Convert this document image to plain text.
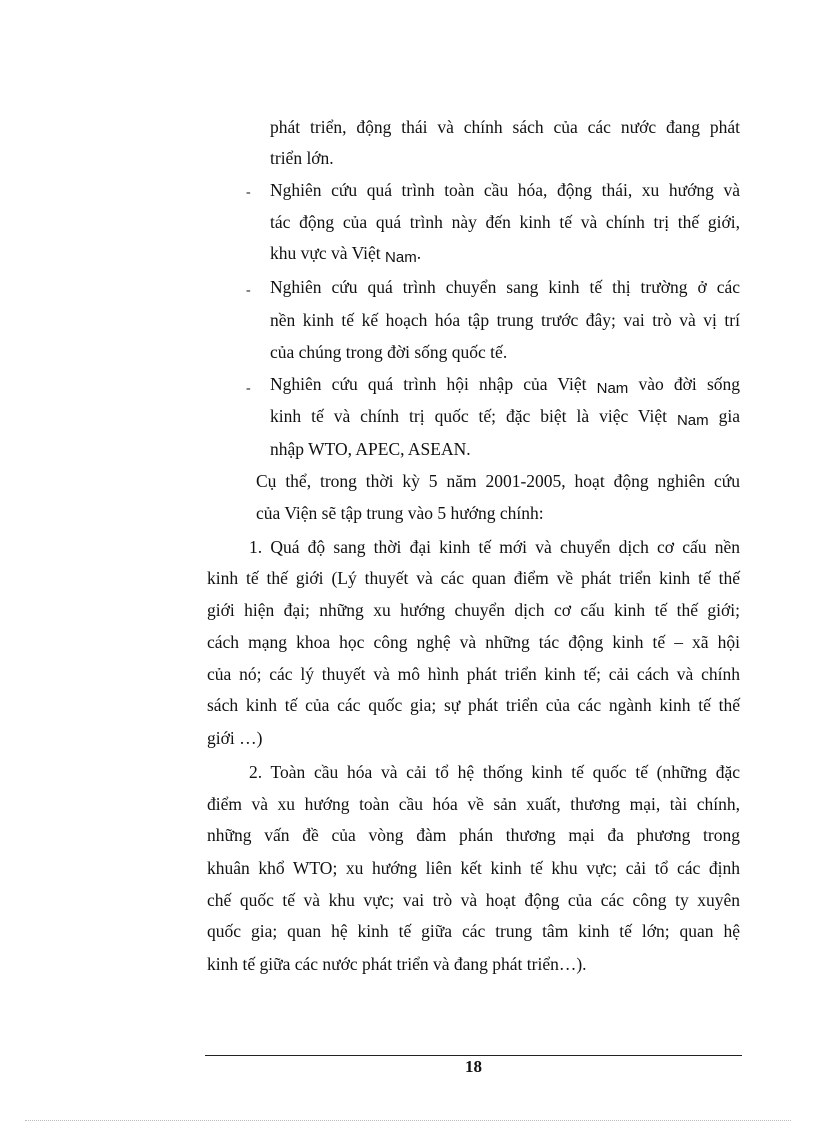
phát triển, động thái và chính sách của các nước đang phát
triển lớn.
- Nghiên cứu quá trình toàn cầu hóa, động thái, xu hướng và
tác động của quá trình này đến kinh tế và chính trị thế giới,
khu vực và Việt Nam.
- Nghiên cứu quá trình chuyển sang kinh tế thị trường ở các
nền kinh tế kế hoạch hóa tập trung trước đây; vai trò và vị trí
của chúng trong đời sống quốc tế.
- Nghiên cứu quá trình hội nhập của Việt Nam vào đời sống
kinh tế và chính trị quốc tế; đặc biệt là việc Việt Nam gia
nhập WTO, APEC, ASEAN.
Cụ thể, trong thời kỳ 5 năm 2001-2005, hoạt động nghiên cứu
của Viện sẽ tập trung vào 5 hướng chính:
1. Quá độ sang thời đại kinh tế mới và chuyển dịch cơ cấu nền
kinh tế thế giới (Lý thuyết và các quan điểm về phát triển kinh tế thế
giới hiện đại; những xu hướng chuyển dịch cơ cấu kinh tế thế giới;
cách mạng khoa học công nghệ và những tác động kinh tế – xã hội
của nó; các lý thuyết và mô hình phát triển kinh tế; cải cách và chính
sách kinh tế của các quốc gia; sự phát triển của các ngành kinh tế thế
giới …)
2. Toàn cầu hóa và cải tổ hệ thống kinh tế quốc tế (những đặc
điểm và xu hướng toàn cầu hóa về sản xuất, thương mại, tài chính,
những vấn đề của vòng đàm phán thương mại đa phương trong
khuân khổ WTO; xu hướng liên kết kinh tế khu vực; cải tổ các định
chế quốc tế và khu vực; vai trò và hoạt động của các công ty xuyên
quốc gia; quan hệ kinh tế giữa các trung tâm kinh tế lớn; quan hệ
kinh tế giữa các nước phát triển và đang phát triển…).
18
